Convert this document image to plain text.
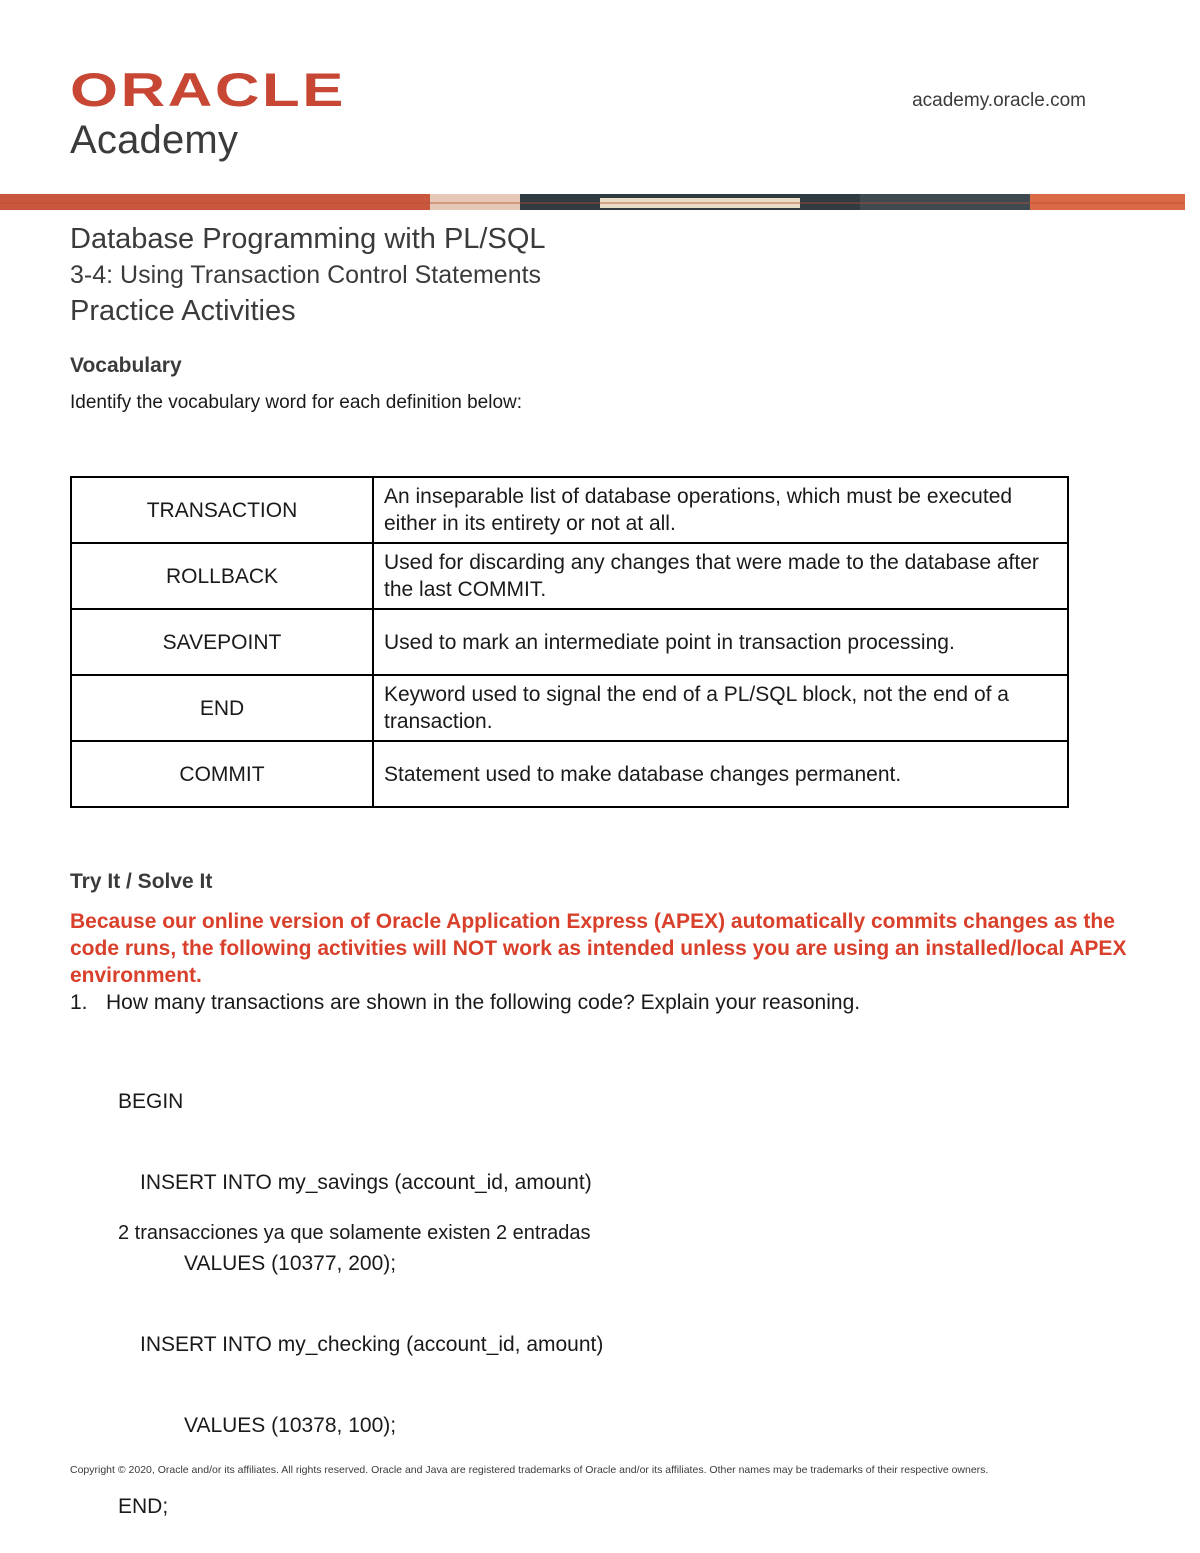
ORACLE
Academy
academy.oracle.com
Database Programming with PL/SQL
3-4: Using Transaction Control Statements
Practice Activities
Vocabulary
Identify the vocabulary word for each definition below:
TRANSACTION	An inseparable list of database operations, which must be executed either in its entirety or not at all.
ROLLBACK	Used for discarding any changes that were made to the database after the last COMMIT.
SAVEPOINT	Used to mark an intermediate point in transaction processing.
END	Keyword used to signal the end of a PL/SQL block, not the end of a transaction.
COMMIT	Statement used to make database changes permanent.
Try It / Solve It
Because our online version of Oracle Application Express (APEX) automatically commits changes as the code runs, the following activities will NOT work as intended unless you are using an installed/local APEX environment.
1. How many transactions are shown in the following code? Explain your reasoning.

BEGIN

INSERT INTO my_savings (account_id, amount)

VALUES (10377, 200);

INSERT INTO my_checking (account_id, amount)

VALUES (10378, 100);

END;

2 transacciones ya que solamente existen 2 entradas
Copyright © 2020, Oracle and/or its affiliates. All rights reserved. Oracle and Java are registered trademarks of Oracle and/or its affiliates. Other names may be trademarks of their respective owners.
